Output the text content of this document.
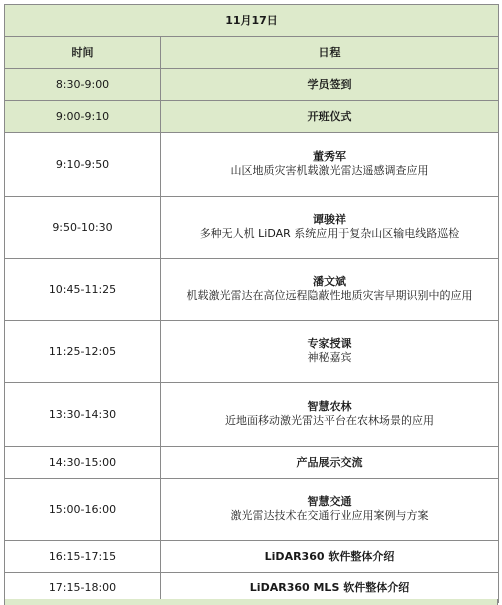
11月17日	
时间	日程
8:30-9:00	学员签到
9:00-9:10	开班仪式
9:10-9:50	董秀军
山区地质灾害机载激光雷达遥感调查应用

9:50-10:30	谭骏祥
多种无人机 LiDAR 系统应用于复杂山区输电线路巡检

10:45-11:25	潘文斌
机载激光雷达在高位远程隐蔽性地质灾害早期识别中的应用

11:25-12:05	专家授课
神秘嘉宾

13:30-14:30	智慧农林
近地面移动激光雷达平台在农林场景的应用

14:30-15:00	产品展示交流
15:00-16:00	智慧交通
激光雷达技术在交通行业应用案例与方案

16:15-17:15	LiDAR360 软件整体介绍
17:15-18:00	LiDAR360 MLS 软件整体介绍
